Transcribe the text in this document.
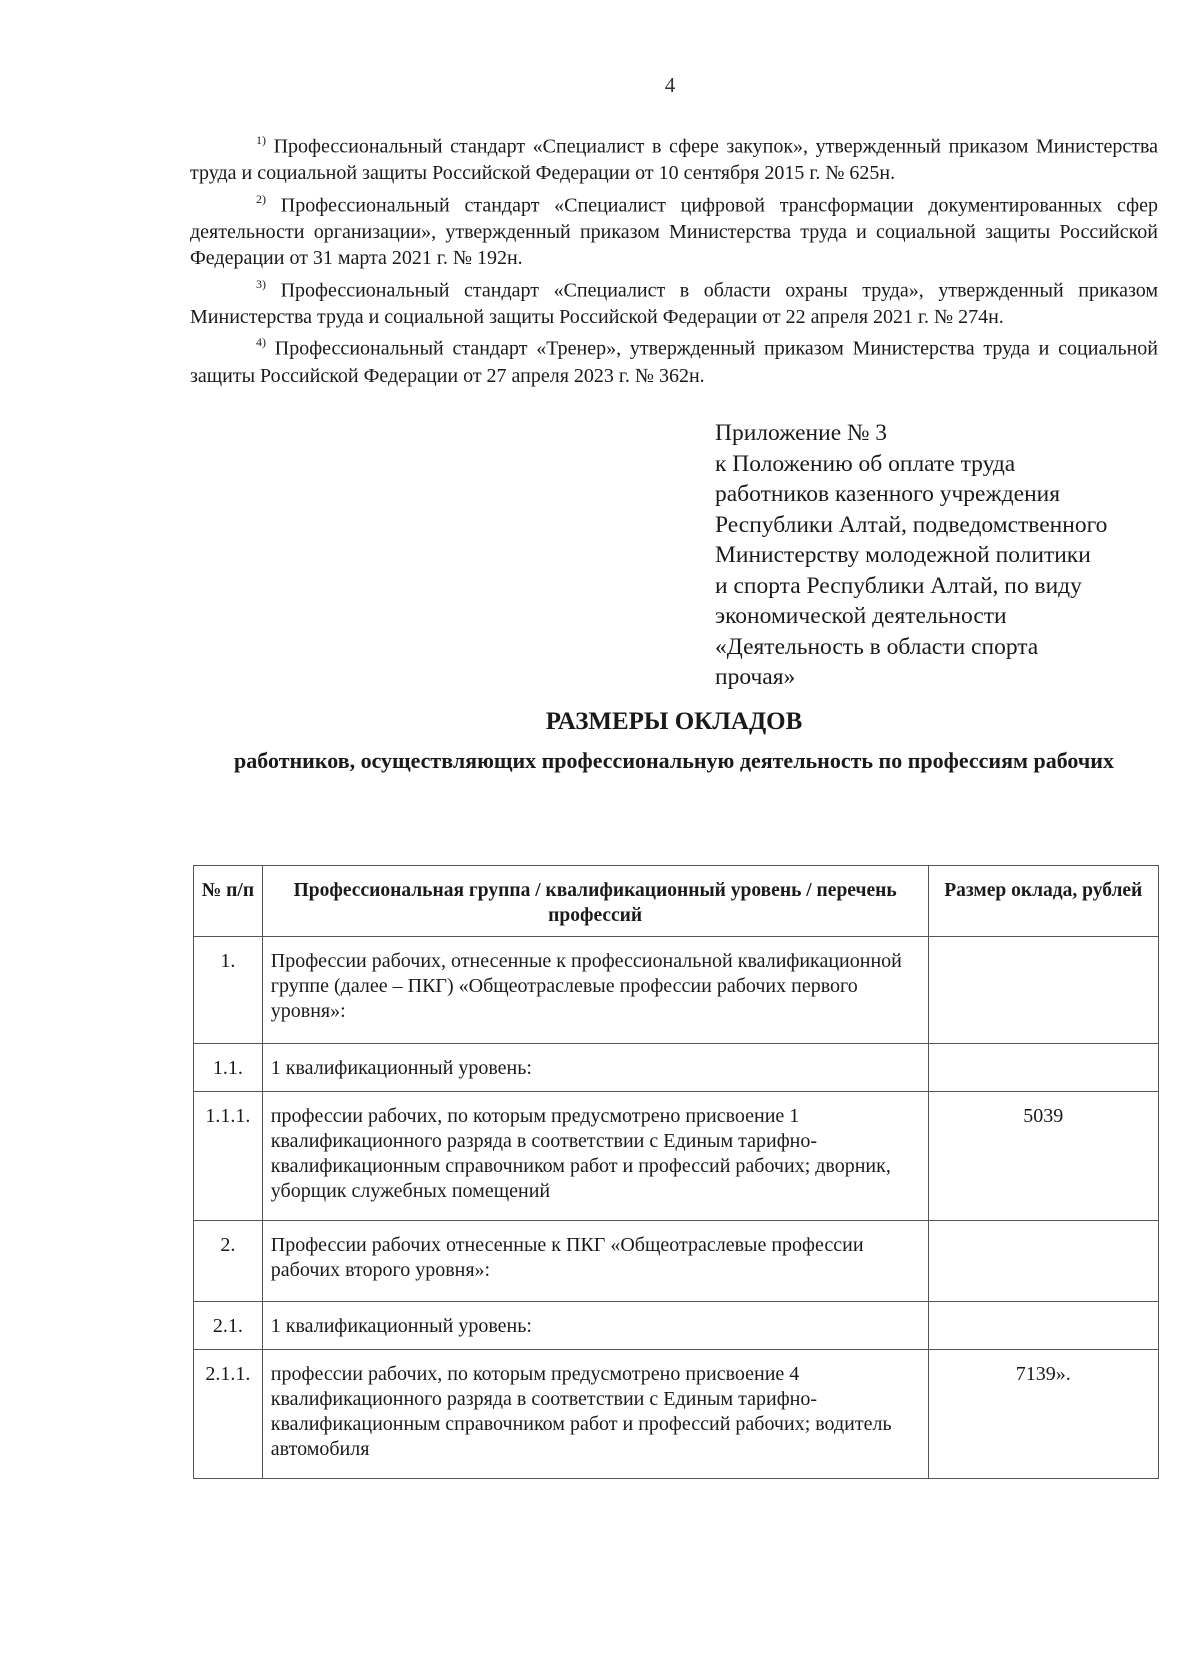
4

$^{1)}$ Профессиональный стандарт «Специалист в сфере закупок», утвержденный приказом Министерства труда и социальной защиты Российской Федерации от 10 сентября 2015 г. № 625н.

$^{2)}$ Профессиональный стандарт «Специалист цифровой трансформации документированных сфер деятельности организации», утвержденный приказом Министерства труда и социальной защиты Российской Федерации от 31 марта 2021 г. № 192н.

$^{3)}$ Профессиональный стандарт «Специалист в области охраны труда», утвержденный приказом Министерства труда и социальной защиты Российской Федерации от 22 апреля 2021 г. № 274н.

$^{4)}$ Профессиональный стандарт «Тренер», утвержденный приказом Министерства труда и социальной защиты Российской Федерации от 27 апреля 2023 г. № 362н.

Приложение № 3
к Положению об оплате труда
работников казенного учреждения
Республики Алтай, подведомственного
Министерству молодежной политики
и спорта Республики Алтай, по виду
экономической деятельности
«Деятельность в области спорта
прочая»
РАЗМЕРЫ ОКЛАДОВ
работников, осуществляющих профессиональную деятельность по профессиям рабочих
№ п/п	Профессиональная группа / квалификационный уровень / перечень профессий	Размер оклада, рублей
1.	Профессии рабочих, отнесенные к профессиональной квалификационной группе (далее – ПКГ) «Общеотраслевые профессии рабочих первого уровня»:	
1.1.	1 квалификационный уровень:	
1.1.1.	профессии рабочих, по которым предусмотрено присвоение 1 квалификационного разряда в соответствии с Единым тарифно-квалификационным справочником работ и профессий рабочих; дворник, уборщик служебных помещений	5039
2.	Профессии рабочих отнесенные к ПКГ «Общеотраслевые профессии рабочих второго уровня»:	
2.1.	1 квалификационный уровень:	
2.1.1.	профессии рабочих, по которым предусмотрено присвоение 4 квалификационного разряда в соответствии с Единым тарифно-квалификационным справочником работ и профессий рабочих; водитель автомобиля	7139».
